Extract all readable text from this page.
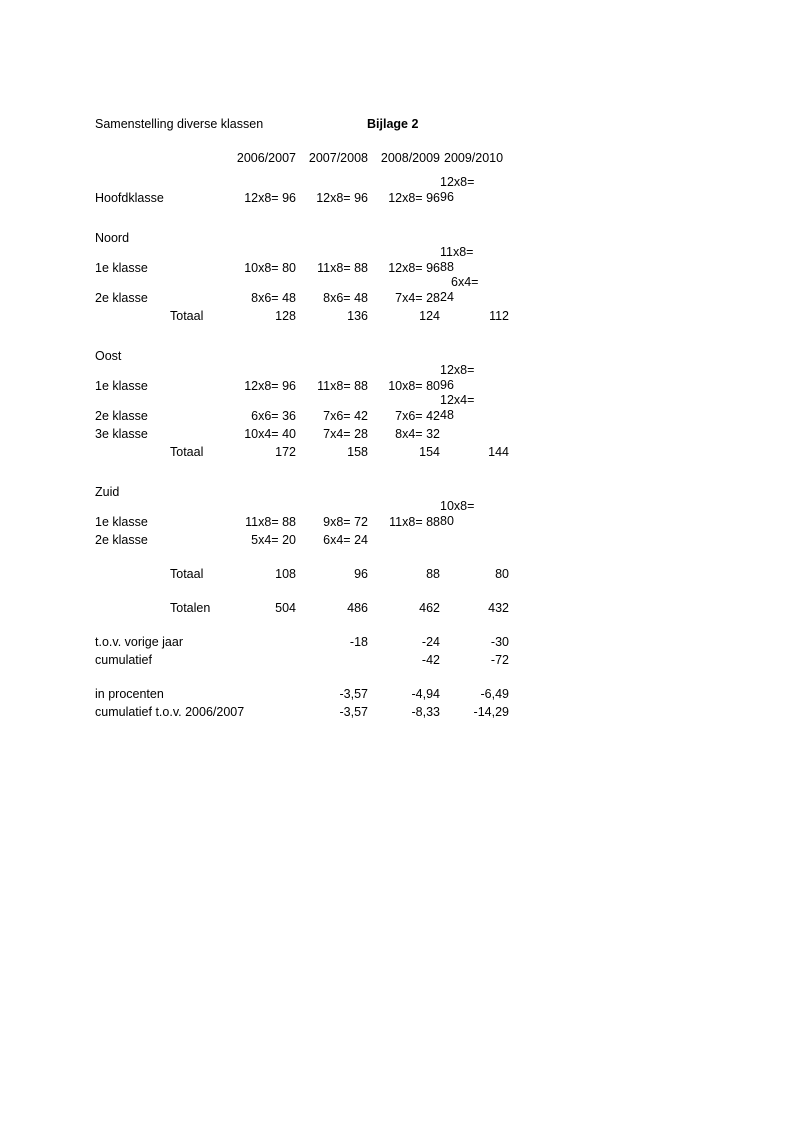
Samenstelling diverse klassen	Bijlage 2
		2006/2007	2007/2008	2008/2009	2009/2010

Hoofdklasse		12x8= 96	12x8= 96	12x8= 96	12x8=
96

Noord					
1e klasse		10x8= 80	11x8= 88	12x8= 96	11x8=
88

2e klasse		8x6= 48	8x6= 48	7x4= 28	6x4=
24

	Totaal	128	136	124	112

Oost					
1e klasse		12x8= 96	11x8= 88	10x8= 80	12x8=
96

2e klasse		6x6= 36	7x6= 42	7x6= 42	12x4=
48

3e klasse		10x4= 40	7x4= 28	8x4= 32	

	Totaal	172	158	154	144

Zuid					
1e klasse		11x8= 88	9x8= 72	11x8= 88	10x8=
80

2e klasse		5x4= 20	6x4= 24		

	Totaal	108	96	88	80
	Totalen	504	486	462	432

t.o.v. vorige jaar			-18	-24	-30
cumulatief				-42	-72

in procenten			-3,57	-4,94	-6,49
cumulatief t.o.v. 2006/2007			-3,57	-8,33	-14,29
